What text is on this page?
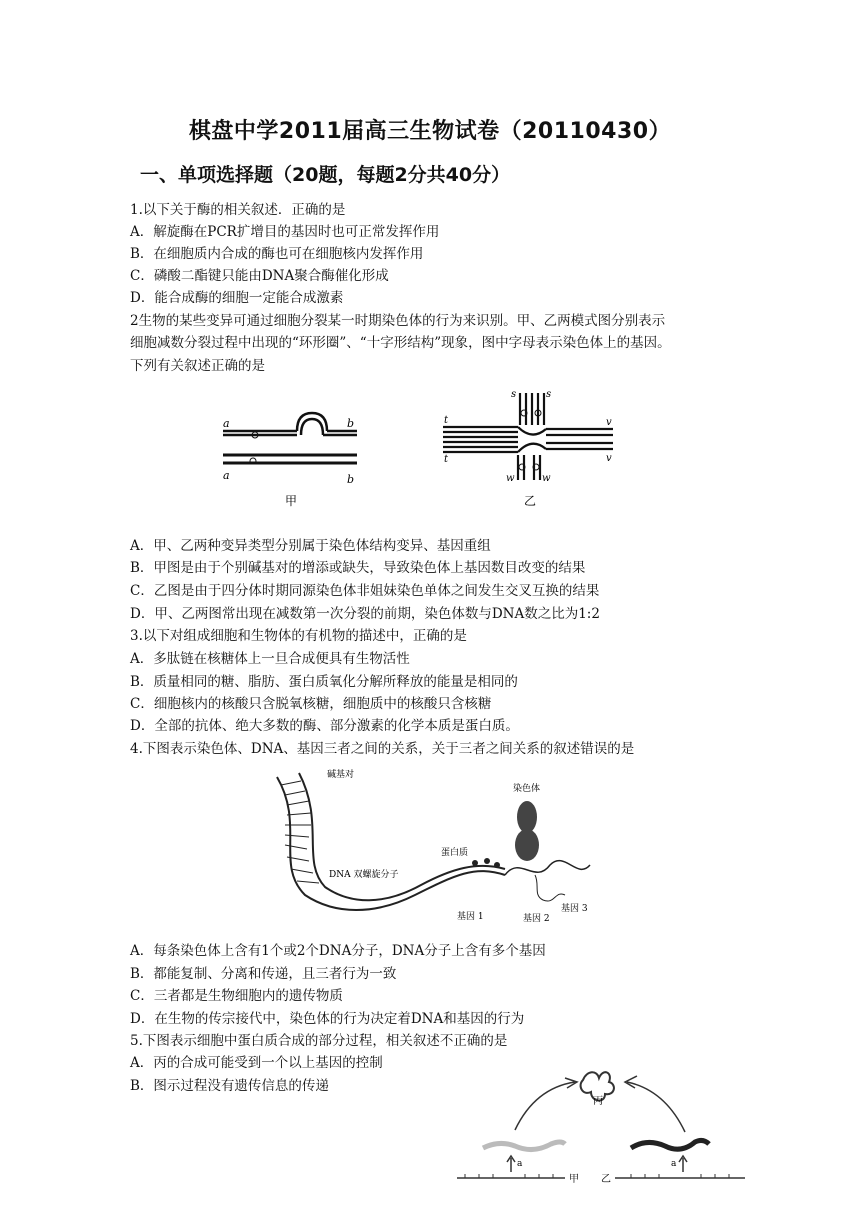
棋盘中学2011届高三生物试卷（20110430）
一、单项选择题（20题，每题2分共40分）
1.以下关于酶的相关叙述．正确的是
A．解旋酶在PCR扩增目的基因时也可正常发挥作用
B．在细胞质内合成的酶也可在细胞核内发挥作用
C．磷酸二酯键只能由DNA聚合酶催化形成
D．能合成酶的细胞一定能合成激素
2生物的某些变异可通过细胞分裂某一时期染色体的行为来识别。甲、乙两模式图分别表示
细胞减数分裂过程中出现的“环形圈”、“十字形结构”现象，图中字母表示染色体上的基因。
下列有关叙述正确的是
a	b
a	b
甲
s	s
t
t
v
v
w	w
乙
A．甲、乙两种变异类型分别属于染色体结构变异、基因重组
B．甲图是由于个别碱基对的增添或缺失，导致染色体上基因数目改变的结果
C．乙图是由于四分体时期同源染色体非姐妹染色单体之间发生交叉互换的结果
D．甲、乙两图常出现在减数第一次分裂的前期，染色体数与DNA数之比为1:2
3.以下对组成细胞和生物体的有机物的描述中，正确的是
A．多肽链在核糖体上一旦合成便具有生物活性
B．质量相同的糖、脂肪、蛋白质氧化分解所释放的能量是相同的
C．细胞核内的核酸只含脱氧核糖，细胞质中的核酸只含核糖
D．全部的抗体、绝大多数的酶、部分激素的化学本质是蛋白质。
4.下图表示染色体、DNA、基因三者之间的关系，关于三者之间关系的叙述错误的是
碱基对
染色体
蛋白质
DNA 双螺旋分子
基因 1	基因 2
基因 3
A．每条染色体上含有1个或2个DNA分子，DNA分子上含有多个基因
B．都能复制、分离和传递，且三者行为一致
C．三者都是生物细胞内的遗传物质
D．在生物的传宗接代中，染色体的行为决定着DNA和基因的行为
5.下图表示细胞中蛋白质合成的部分过程，相关叙述不正确的是
A．丙的合成可能受到一个以上基因的控制
B．图示过程没有遗传信息的传递
丙
a	a
甲 乙
